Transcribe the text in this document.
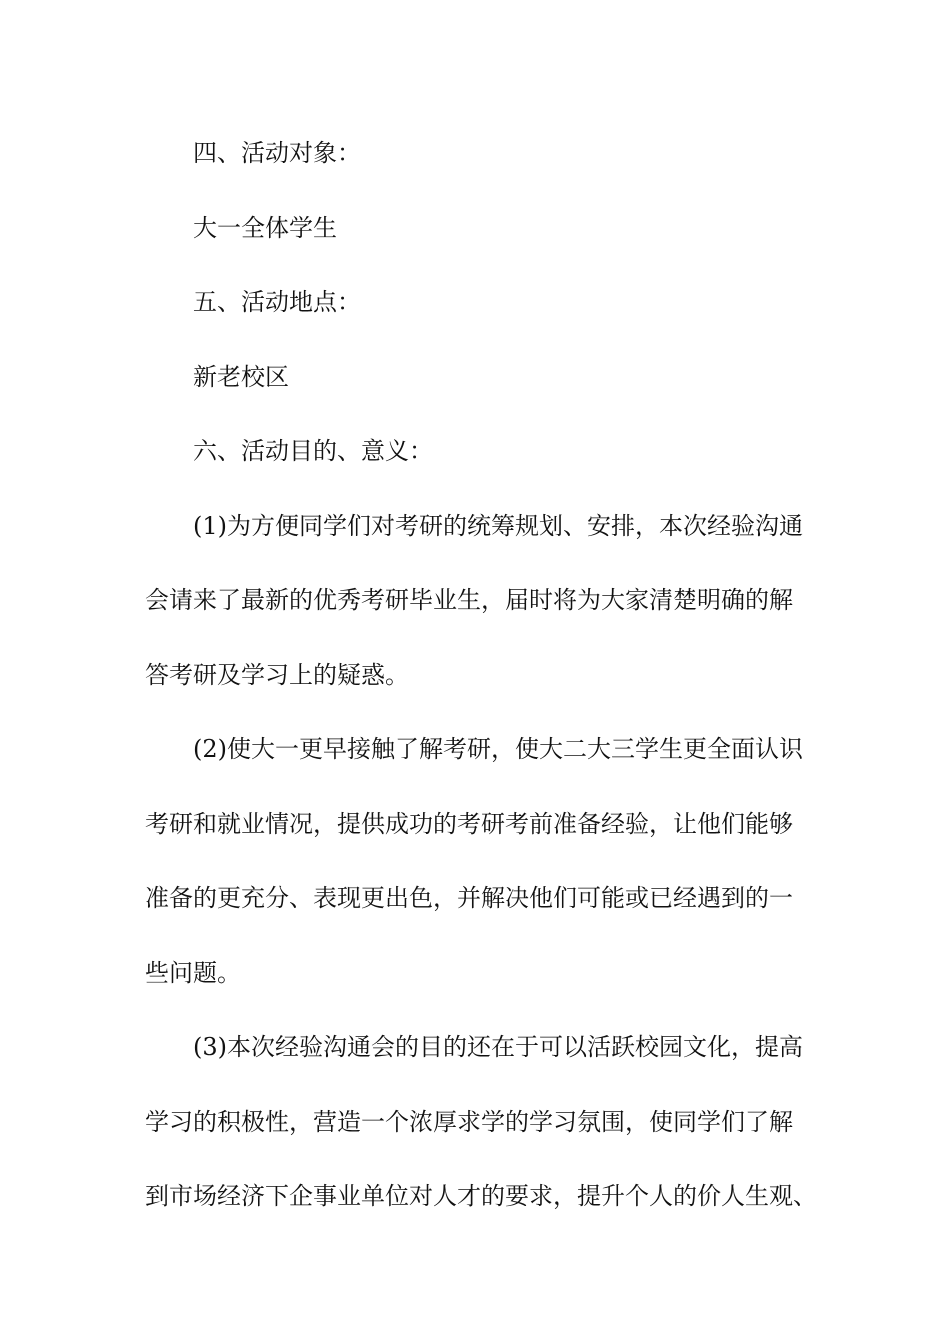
四、活动对象：
大一全体学生
五、活动地点：
新老校区
六、活动目的、意义：
(1)为方便同学们对考研的统筹规划、安排，本次经验沟通
会请来了最新的优秀考研毕业生，届时将为大家清楚明确的解
答考研及学习上的疑惑。
(2)使大一更早接触了解考研，使大二大三学生更全面认识
考研和就业情况，提供成功的考研考前准备经验，让他们能够
准备的更充分、表现更出色，并解决他们可能或已经遇到的一
些问题。
(3)本次经验沟通会的目的还在于可以活跃校园文化，提高
学习的积极性，营造一个浓厚求学的学习氛围，使同学们了解
到市场经济下企事业单位对人才的要求，提升个人的价人生观、
